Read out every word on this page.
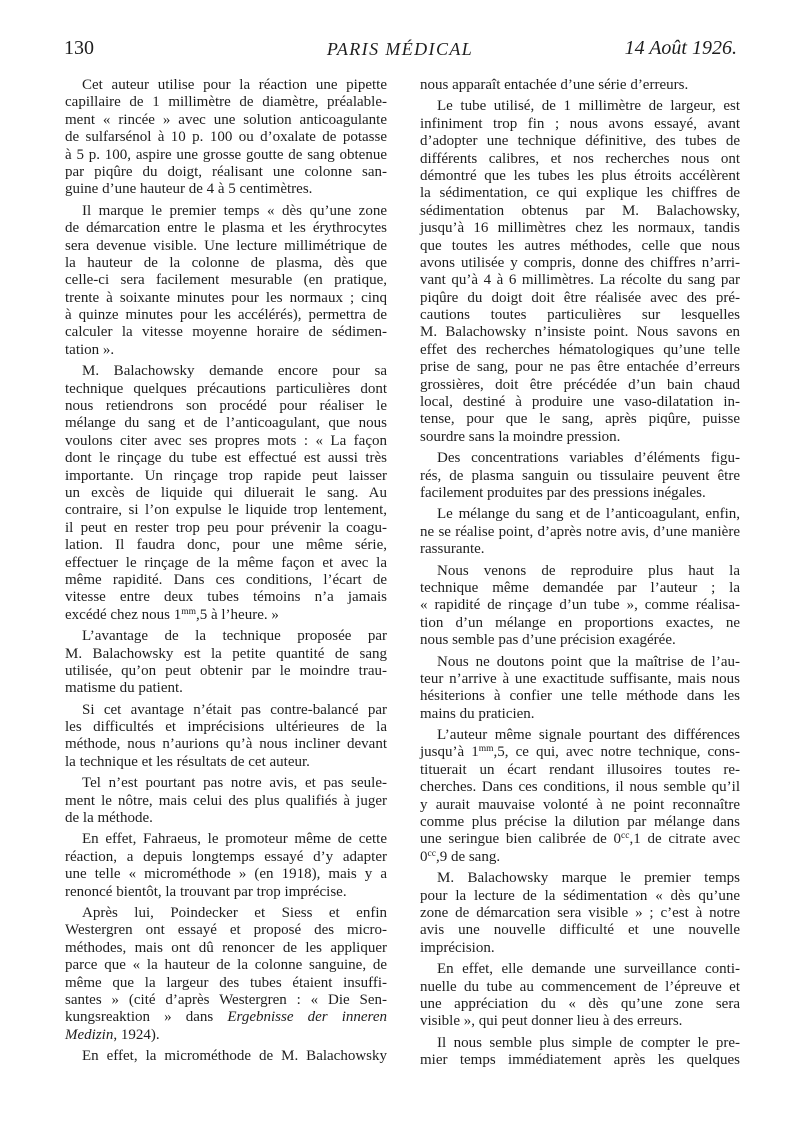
130	PARIS MÉDICAL	14 Août 1926.
Cet auteur utilise pour la réaction une pipette
capillaire de 1 millimètre de diamètre, préalable-
ment « rincée » avec une solution anticoagulante
de sulfarsénol à 10 p. 100 ou d’oxalate de potasse
à 5 p. 100, aspire une grosse goutte de sang obtenue
par piqûre du doigt, réalisant une colonne san-
guine d’une hauteur de 4 à 5 centimètres.
Il marque le premier temps « dès qu’une zone
de démarcation entre le plasma et les érythrocytes
sera devenue visible. Une lecture millimétrique de
la hauteur de la colonne de plasma, dès que
celle-ci sera facilement mesurable (en pratique,
trente à soixante minutes pour les normaux ; cinq
à quinze minutes pour les accélérés), permettra de
calculer la vitesse moyenne horaire de sédimen-
tation ».
M. Balachowsky demande encore pour sa
technique quelques précautions particulières dont
nous retiendrons son procédé pour réaliser le
mélange du sang et de l’anticoagulant, que nous
voulons citer avec ses propres mots : « La façon
dont le rinçage du tube est effectué est aussi très
importante. Un rinçage trop rapide peut laisser
un excès de liquide qui diluerait le sang. Au
contraire, si l’on expulse le liquide trop lentement,
il peut en rester trop peu pour prévenir la coagu-
lation. Il faudra donc, pour une même série,
effectuer le rinçage de la même façon et avec la
même rapidité. Dans ces conditions, l’écart de
vitesse entre deux tubes témoins n’a jamais
excédé chez nous $1^{mm},5$ à l’heure. »
L’avantage de la technique proposée par
M. Balachowsky est la petite quantité de sang
utilisée, qu’on peut obtenir par le moindre trau-
matisme du patient.
Si cet avantage n’était pas contre-balancé par
les difficultés et imprécisions ultérieures de la
méthode, nous n’aurions qu’à nous incliner devant
la technique et les résultats de cet auteur.
Tel n’est pourtant pas notre avis, et pas seule-
ment le nôtre, mais celui des plus qualifiés à juger
de la méthode.
En effet, Fahraeus, le promoteur même de cette
réaction, a depuis longtemps essayé d’y adapter
une telle « microméthode » (en 1918), mais y a
renoncé bientôt, la trouvant par trop imprécise.
Après lui, Poindecker et Siess et enfin
Westergren ont essayé et proposé des micro-
méthodes, mais ont dû renoncer de les appliquer
parce que « la hauteur de la colonne sanguine, de
même que la largeur des tubes étaient insuffi-
santes » (cité d’après Westergren : « Die Sen-
kungsreaktion » dans Ergebnisse der inneren
Medizin, 1924).
En effet, la microméthode de M. Balachowsky
nous apparaît entachée d’une série d’erreurs.
Le tube utilisé, de 1 millimètre de largeur, est
infiniment trop fin ; nous avons essayé, avant
d’adopter une technique définitive, des tubes de
différents calibres, et nos recherches nous ont
démontré que les tubes les plus étroits accélèrent
la sédimentation, ce qui explique les chiffres de
sédimentation obtenus par M. Balachowsky,
jusqu’à 16 millimètres chez les normaux, tandis
que toutes les autres méthodes, celle que nous
avons utilisée y compris, donne des chiffres n’arri-
vant qu’à 4 à 6 millimètres. La récolte du sang par
piqûre du doigt doit être réalisée avec des pré-
cautions toutes particulières sur lesquelles
M. Balachowsky n’insiste point. Nous savons en
effet des recherches hématologiques qu’une telle
prise de sang, pour ne pas être entachée d’erreurs
grossières, doit être précédée d’un bain chaud
local, destiné à produire une vaso-dilatation in-
tense, pour que le sang, après piqûre, puisse
sourdre sans la moindre pression.
Des concentrations variables d’éléments figu-
rés, de plasma sanguin ou tissulaire peuvent être
facilement produites par des pressions inégales.
Le mélange du sang et de l’anticoagulant, enfin,
ne se réalise point, d’après notre avis, d’une manière
rassurante.
Nous venons de reproduire plus haut la
technique même demandée par l’auteur ; la
« rapidité de rinçage d’un tube », comme réalisa-
tion d’un mélange en proportions exactes, ne
nous semble pas d’une précision exagérée.
Nous ne doutons point que la maîtrise de l’au-
teur n’arrive à une exactitude suffisante, mais nous
hésiterions à confier une telle méthode dans les
mains du praticien.
L’auteur même signale pourtant des différences
jusqu’à $1^{mm},5$, ce qui, avec notre technique, cons-
tituerait un écart rendant illusoires toutes re-
cherches. Dans ces conditions, il nous semble qu’il
y aurait mauvaise volonté à ne point reconnaître
comme plus précise la dilution par mélange dans
une seringue bien calibrée de $0^{cc},1$ de citrate avec
$0^{cc},9$ de sang.
M. Balachowsky marque le premier temps
pour la lecture de la sédimentation « dès qu’une
zone de démarcation sera visible » ; c’est à notre
avis une nouvelle difficulté et une nouvelle
imprécision.
En effet, elle demande une surveillance conti-
nuelle du tube au commencement de l’épreuve et
une appréciation du « dès qu’une zone sera
visible », qui peut donner lieu à des erreurs.
Il nous semble plus simple de compter le pre-
mier temps immédiatement après les quelques
